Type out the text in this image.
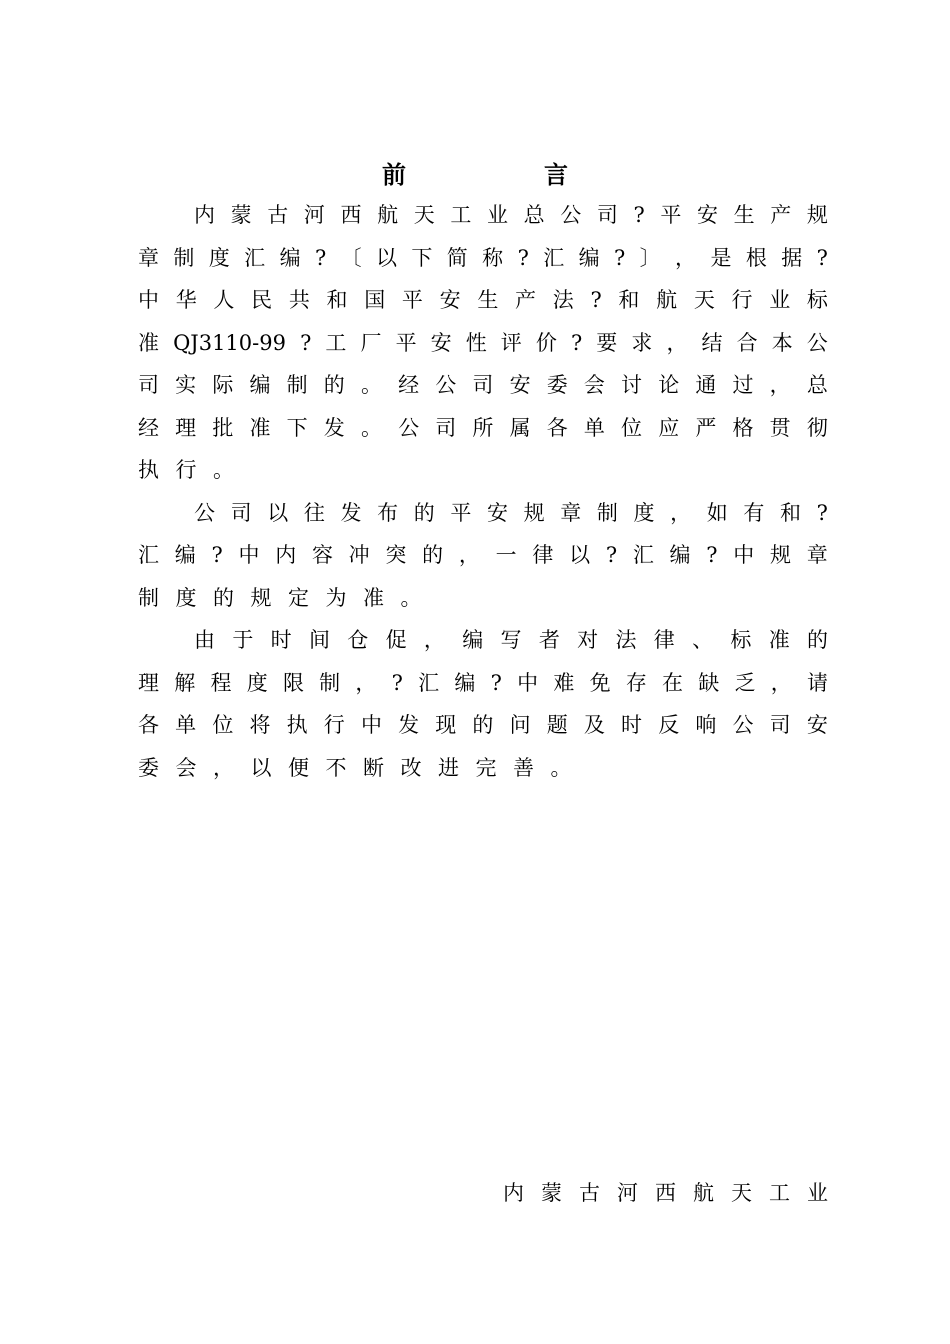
前	言
内 蒙 古 河 西 航 天 工 业 总 公 司 ? 平 安 生 产 规
章 制 度 汇 编 ? 〔 以 下 简 称 ? 汇 编 ? 〕 ， 是 根 据 ?
中 华 人 民 共 和 国 平 安 生 产 法 ? 和 航 天 行 业 标
准 QJ3110-99 ? 工 厂 平 安 性 评 价 ? 要 求 ， 结 合 本 公
司 实 际 编 制 的 。 经 公 司 安 委 会 讨 论 通 过 ， 总
经 理 批 准 下 发 。 公 司 所 属 各 单 位 应 严 格 贯 彻
执 行 。
公 司 以 往 发 布 的 平 安 规 章 制 度 ， 如 有 和 ?
汇 编 ? 中 内 容 冲 突 的 ， 一 律 以 ? 汇 编 ? 中 规 章
制 度 的 规 定 为 准 。
由 于 时 间 仓 促 ， 编 写 者 对 法 律 、 标 准 的
理 解 程 度 限 制 ， ? 汇 编 ? 中 难 免 存 在 缺 乏 ， 请
各 单 位 将 执 行 中 发 现 的 问 题 及 时 反 响 公 司 安
委 会 ， 以 便 不 断 改 进 完 善 。
内 蒙 古 河 西 航 天 工 业
